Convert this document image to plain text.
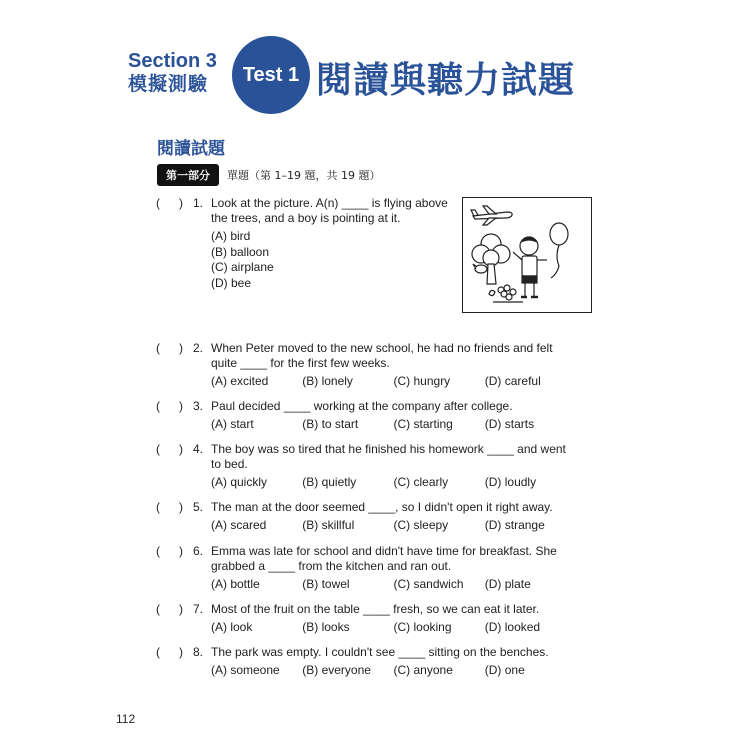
Section 3
模擬測驗	Test 1 閱讀與聽力試題
閱讀試題
第一部分	單題（第 1–19 題，共 19 題）
( ) 1. Look at the picture. A(n) ____ is flying above the trees, and a boy is pointing at it.
(A) bird
(B) balloon
(C) airplane
(D) bee
( ) 2. When Peter moved to the new school, he had no friends and felt quite ____ for the first few weeks.
(A) excited	(B) lonely	(C) hungry	(D) careful
( ) 3. Paul decided ____ working at the company after college.
(A) start	(B) to start	(C) starting	(D) starts
( ) 4. The boy was so tired that he finished his homework ____ and went to bed.
(A) quickly	(B) quietly	(C) clearly	(D) loudly
( ) 5. The man at the door seemed ____, so I didn't open it right away.
(A) scared	(B) skillful	(C) sleepy	(D) strange
( ) 6. Emma was late for school and didn't have time for breakfast. She grabbed a ____ from the kitchen and ran out.
(A) bottle	(B) towel	(C) sandwich	(D) plate
( ) 7. Most of the fruit on the table ____ fresh, so we can eat it later.
(A) look	(B) looks	(C) looking	(D) looked
( ) 8. The park was empty. I couldn't see ____ sitting on the benches.
(A) someone	(B) everyone	(C) anyone	(D) one
112
